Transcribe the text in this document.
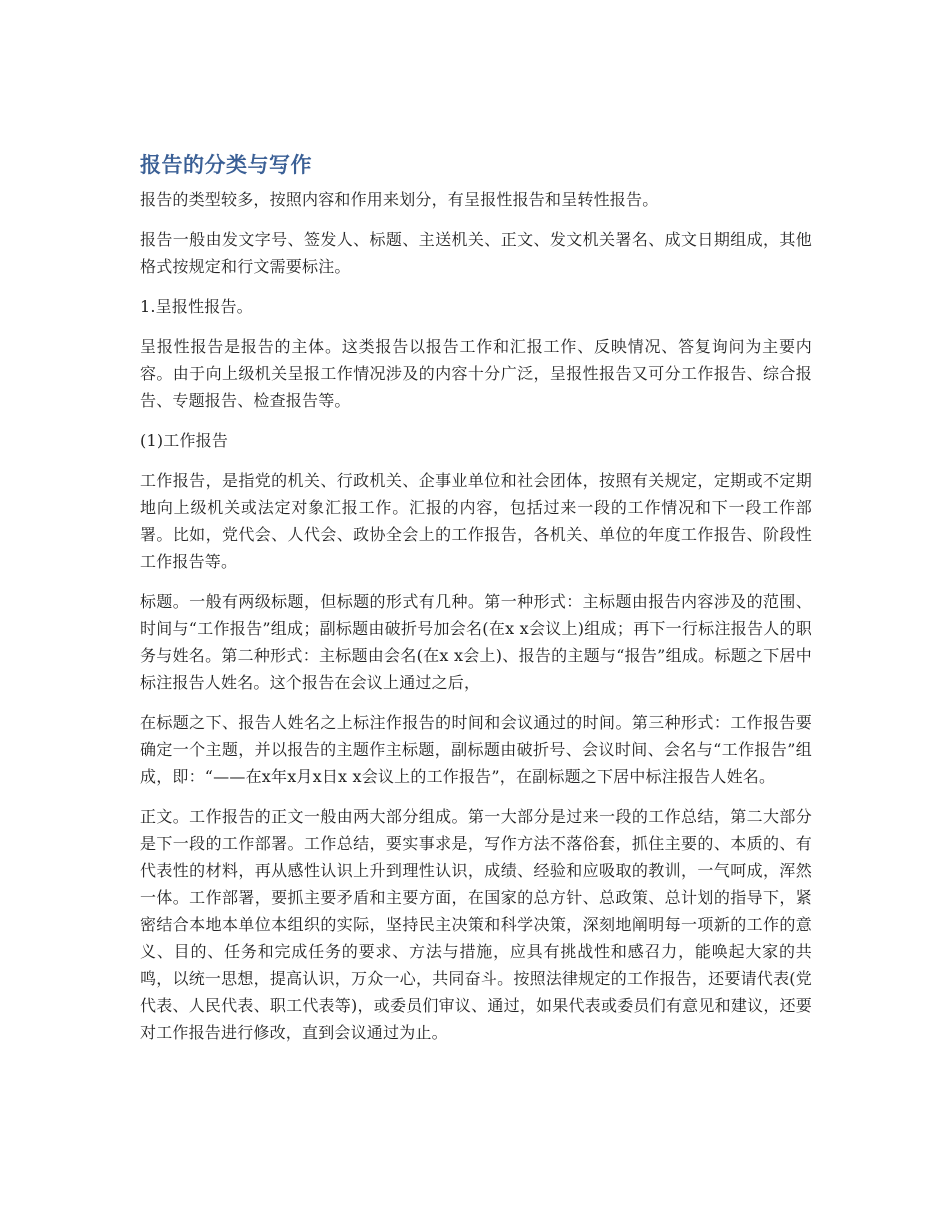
报告的分类与写作

报告的类型较多，按照内容和作用来划分，有呈报性报告和呈转性报告。

报告一般由发文字号、签发人、标题、主送机关、正文、发文机关署名、成文日期组成，其他格式按规定和行文需要标注。

1.呈报性报告。

呈报性报告是报告的主体。这类报告以报告工作和汇报工作、反映情况、答复询问为主要内容。由于向上级机关呈报工作情况涉及的内容十分广泛，呈报性报告又可分工作报告、综合报告、专题报告、检查报告等。

(1)工作报告

工作报告，是指党的机关、行政机关、企事业单位和社会团体，按照有关规定，定期或不定期地向上级机关或法定对象汇报工作。汇报的内容，包括过来一段的工作情况和下一段工作部署。比如，党代会、人代会、政协全会上的工作报告，各机关、单位的年度工作报告、阶段性工作报告等。

标题。一般有两级标题，但标题的形式有几种。第一种形式：主标题由报告内容涉及的范围、时间与“工作报告”组成；副标题由破折号加会名(在x x会议上)组成；再下一行标注报告人的职务与姓名。第二种形式：主标题由会名(在x x会上)、报告的主题与“报告”组成。标题之下居中标注报告人姓名。这个报告在会议上通过之后，

在标题之下、报告人姓名之上标注作报告的时间和会议通过的时间。第三种形式：工作报告要确定一个主题，并以报告的主题作主标题，副标题由破折号、会议时间、会名与“工作报告”组成，即：“——在x年x月x日x x会议上的工作报告”，在副标题之下居中标注报告人姓名。

正文。工作报告的正文一般由两大部分组成。第一大部分是过来一段的工作总结，第二大部分是下一段的工作部署。工作总结，要实事求是，写作方法不落俗套，抓住主要的、本质的、有代表性的材料，再从感性认识上升到理性认识，成绩、经验和应吸取的教训，一气呵成，浑然一体。工作部署，要抓主要矛盾和主要方面，在国家的总方针、总政策、总计划的指导下，紧密结合本地本单位本组织的实际，坚持民主决策和科学决策，深刻地阐明每一项新的工作的意义、目的、任务和完成任务的要求、方法与措施，应具有挑战性和感召力，能唤起大家的共鸣，以统一思想，提高认识，万众一心，共同奋斗。按照法律规定的工作报告，还要请代表(党代表、人民代表、职工代表等)，或委员们审议、通过，如果代表或委员们有意见和建议，还要对工作报告进行修改，直到会议通过为止。
